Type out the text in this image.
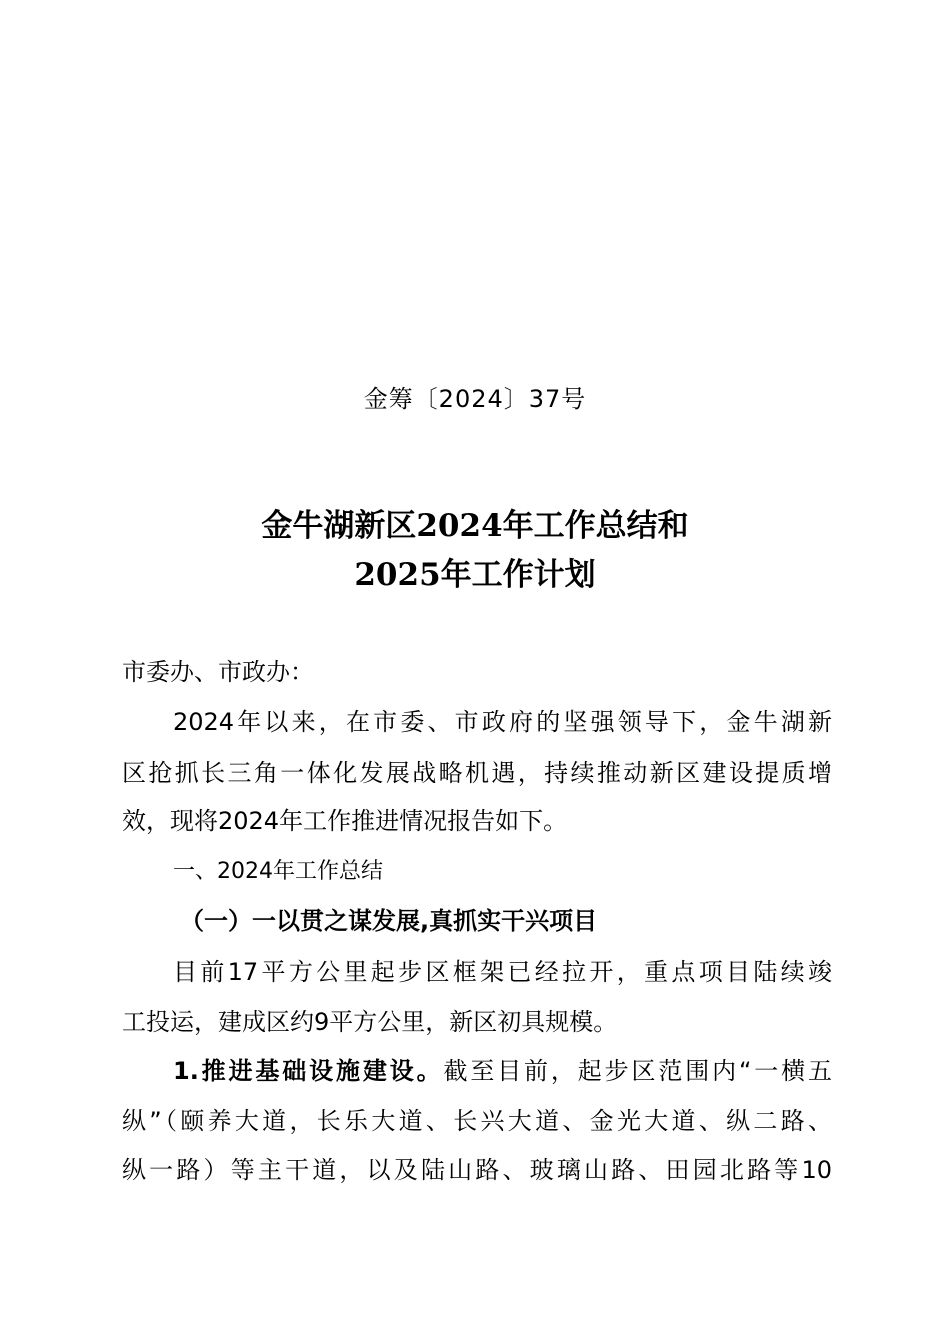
金筹〔2024〕37号
金牛湖新区2024年工作总结和
2025年工作计划
市委办、市政办：
2024年以来，在市委、市政府的坚强领导下，金牛湖新
区抢抓长三角一体化发展战略机遇，持续推动新区建设提质增
效，现将2024年工作推进情况报告如下。
一、2024年工作总结
（一）一以贯之谋发展,真抓实干兴项目
目前17平方公里起步区框架已经拉开，重点项目陆续竣
工投运，建成区约9平方公里，新区初具规模。
1.推进基础设施建设。截至目前，起步区范围内“一横五
纵”（颐养大道，长乐大道、长兴大道、金光大道、纵二路、
纵一路）等主干道，以及陆山路、玻璃山路、田园北路等10
